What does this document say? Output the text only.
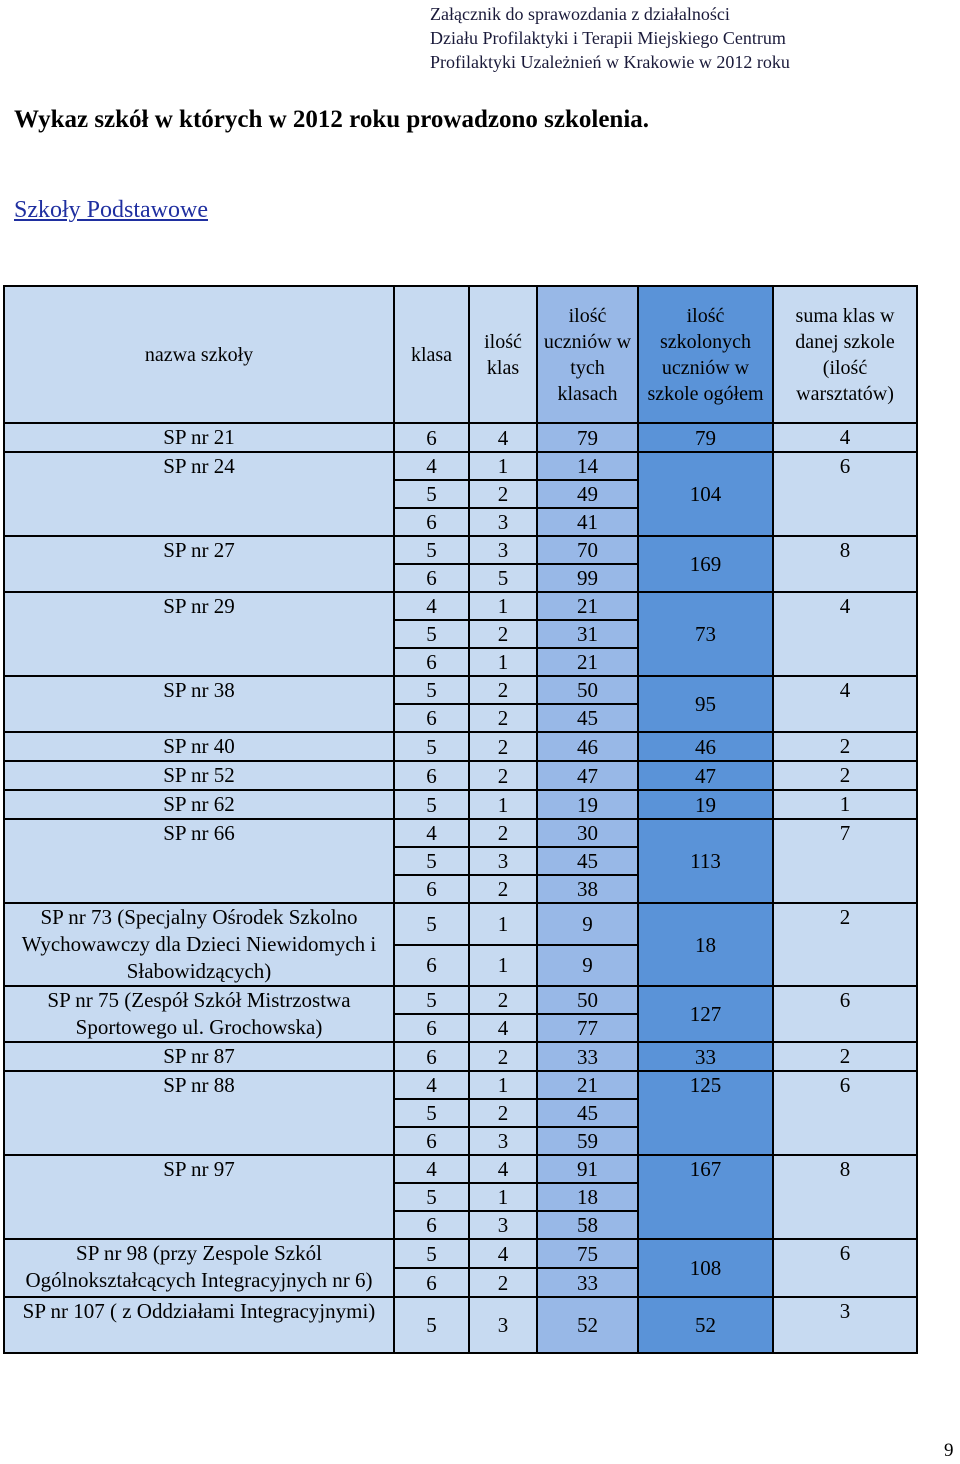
Załącznik do sprawozdania z działalności
Działu Profilaktyki i Terapii Miejskiego Centrum
Profilaktyki Uzależnień w Krakowie w 2012 roku
Wykaz szkół w których w 2012 roku prowadzono szkolenia.
Szkoły Podstawowe
nazwa szkoły	klasa	ilość klas	ilość uczniów w tych klasach	ilość szkolonych uczniów w szkole ogółem	suma klas w danej szkole (ilość warsztatów)
SP nr 21	6	4	79	79	4
SP nr 24	4	1	14	104	6
	5	2	49		
	6	3	41		
SP nr 27	5	3	70	169	8
	6	5	99		
SP nr 29	4	1	21	73	4
	5	2	31		
	6	1	21		
SP nr 38	5	2	50	95	4
	6	2	45		
SP nr 40	5	2	46	46	2
SP nr 52	6	2	47	47	2
SP nr 62	5	1	19	19	1
SP nr 66	4	2	30	113	7
	5	3	45		
	6	2	38		
SP nr 73 (Specjalny Ośrodek Szkolno Wychowawczy dla Dzieci Niewidomych i Słabowidzących)	5	1	9	18	2
	6	1	9		
SP nr 75 (Zespół Szkół Mistrzostwa Sportowego ul. Grochowska)	5	2	50	127	6
	6	4	77		
SP nr 87	6	2	33	33	2
SP nr 88	4	1	21	125	6
	5	2	45		
	6	3	59		
SP nr 97	4	4	91	167	8
	5	1	18		
	6	3	58		
SP nr 98 (przy Zespole Szkól Ogólnokształcących Integracyjnych nr 6)	5	4	75	108	6
	6	2	33		
SP nr 107 ( z Oddziałami Integracyjnymi)	5	3	52	52	3
9
